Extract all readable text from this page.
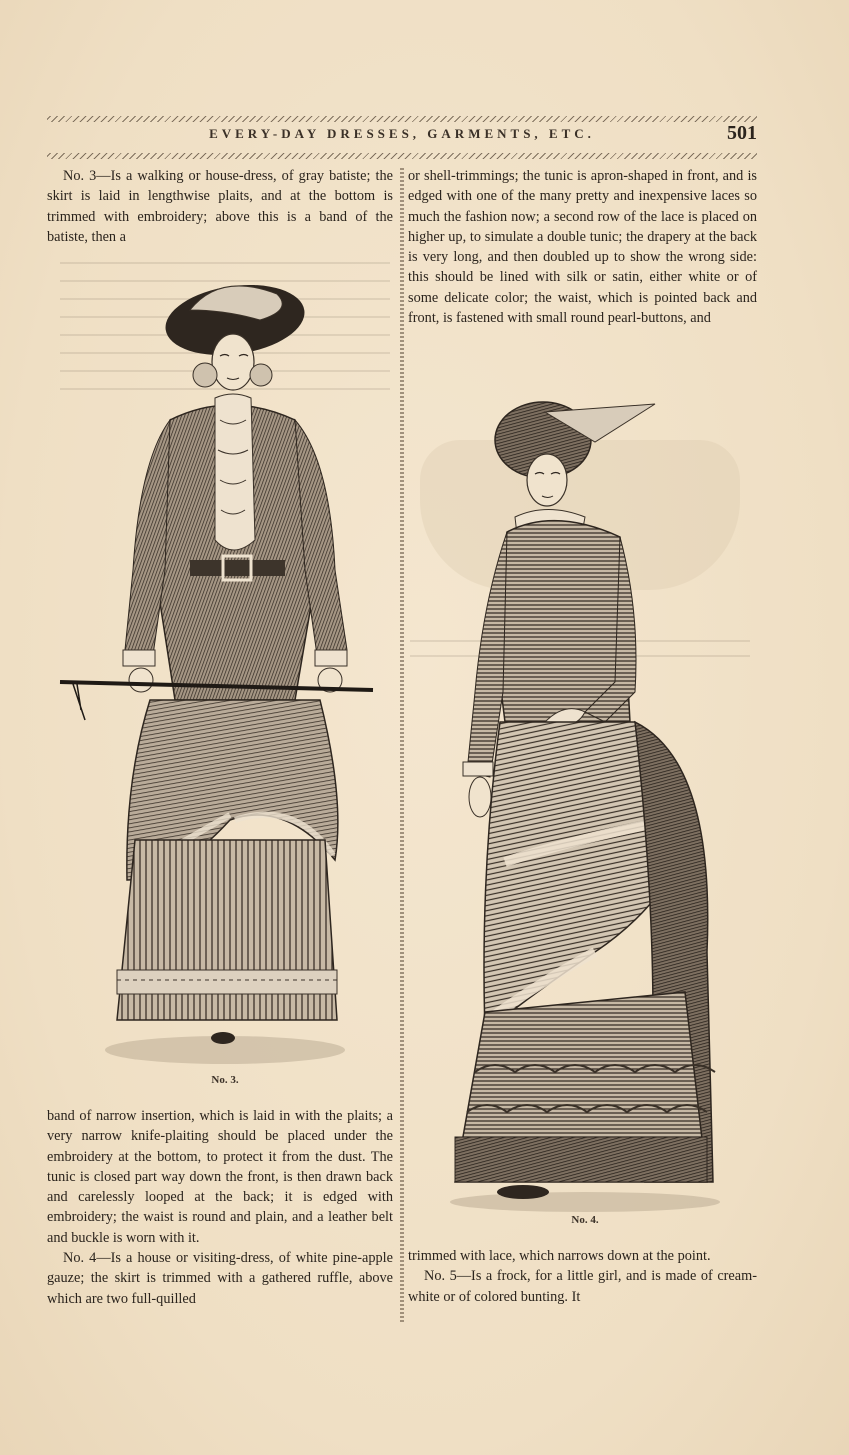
EVERY-DAY DRESSES, GARMENTS, ETC.	501

No. 3—Is a walking or house-dress, of gray batiste; the skirt is laid in lengthwise plaits, and at the bottom is trimmed with embroidery; above this is a band of the batiste, then a

No. 3.

band of narrow insertion, which is laid in with the plaits; a very narrow knife-plaiting should be placed under the embroidery at the bottom, to protect it from the dust. The tunic is closed part way down the front, is then drawn back and carelessly looped at the back; it is edged with embroidery; the waist is round and plain, and a leather belt and buckle is worn with it.

No. 4—Is a house or visiting-dress, of white pine-apple gauze; the skirt is trimmed with a gathered ruffle, above which are two full-quilled

or shell-trimmings; the tunic is apron-shaped in front, and is edged with one of the many pretty and inexpensive laces so much the fashion now; a second row of the lace is placed on higher up, to simulate a double tunic; the drapery at the back is very long, and then doubled up to show the wrong side: this should be lined with silk or satin, either white or of some delicate color; the waist, which is pointed back and front, is fastened with small round pearl-buttons, and

No. 4.

trimmed with lace, which narrows down at the point.

No. 5—Is a frock, for a little girl, and is made of cream-white or of colored bunting. It
